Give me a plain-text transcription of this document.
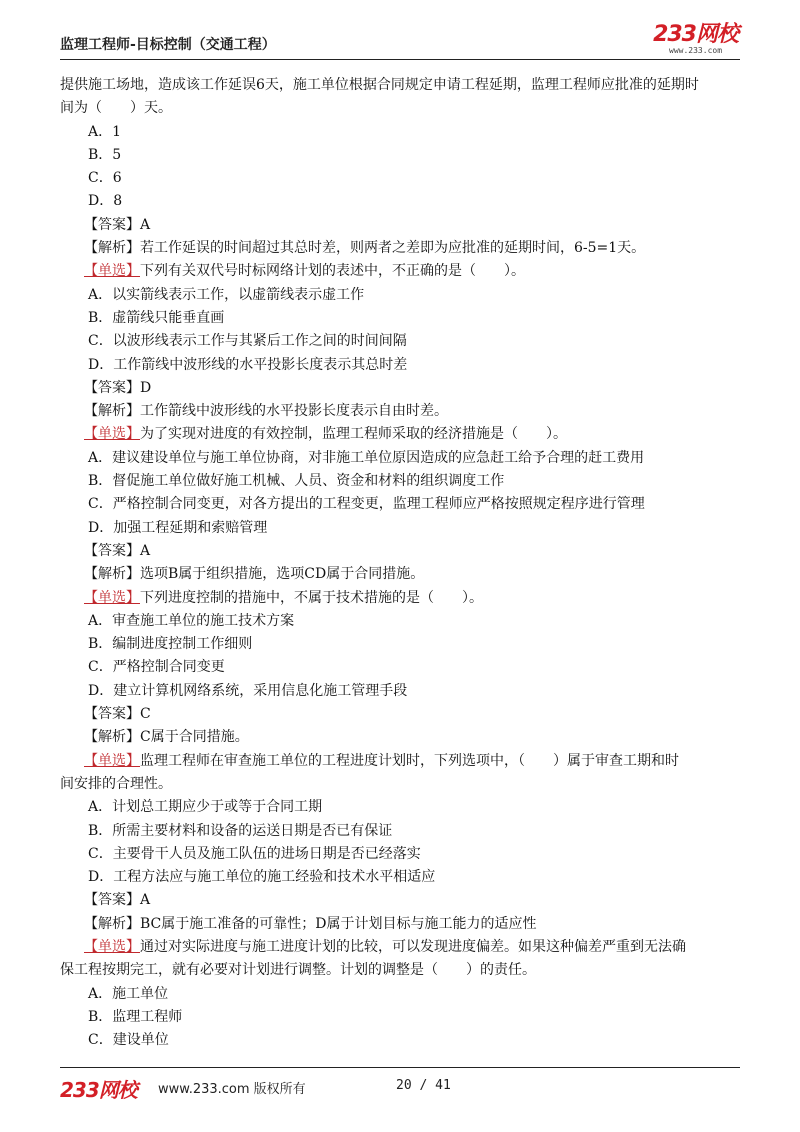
监理工程师-目标控制（交通工程）	233网校
www.233.com
提供施工场地，造成该工作延误6天，施工单位根据合同规定申请工程延期，监理工程师应批准的延期时
间为（　　）天。
A．1
B．5
C．6
D．8
【答案】A
【解析】若工作延误的时间超过其总时差，则两者之差即为应批准的延期时间，6-5=1天。
【单选】下列有关双代号时标网络计划的表述中，不正确的是（　　）。
A．以实箭线表示工作，以虚箭线表示虚工作
B．虚箭线只能垂直画
C．以波形线表示工作与其紧后工作之间的时间间隔
D．工作箭线中波形线的水平投影长度表示其总时差
【答案】D
【解析】工作箭线中波形线的水平投影长度表示自由时差。
【单选】为了实现对进度的有效控制，监理工程师采取的经济措施是（　　）。
A．建议建设单位与施工单位协商，对非施工单位原因造成的应急赶工给予合理的赶工费用
B．督促施工单位做好施工机械、人员、资金和材料的组织调度工作
C．严格控制合同变更，对各方提出的工程变更，监理工程师应严格按照规定程序进行管理
D．加强工程延期和索赔管理
【答案】A
【解析】选项B属于组织措施，选项CD属于合同措施。
【单选】下列进度控制的措施中，不属于技术措施的是（　　）。
A．审查施工单位的施工技术方案
B．编制进度控制工作细则
C．严格控制合同变更
D．建立计算机网络系统，采用信息化施工管理手段
【答案】C
【解析】C属于合同措施。
【单选】监理工程师在审查施工单位的工程进度计划时，下列选项中，（　　）属于审查工期和时
间安排的合理性。
A．计划总工期应少于或等于合同工期
B．所需主要材料和设备的运送日期是否已有保证
C．主要骨干人员及施工队伍的进场日期是否已经落实
D．工程方法应与施工单位的施工经验和技术水平相适应
【答案】A
【解析】BC属于施工准备的可靠性；D属于计划目标与施工能力的适应性
【单选】通过对实际进度与施工进度计划的比较，可以发现进度偏差。如果这种偏差严重到无法确
保工程按期完工，就有必要对计划进行调整。计划的调整是（　　）的责任。
A．施工单位
B．监理工程师
C．建设单位
233网校 www.233.com 版权所有	20 / 41
